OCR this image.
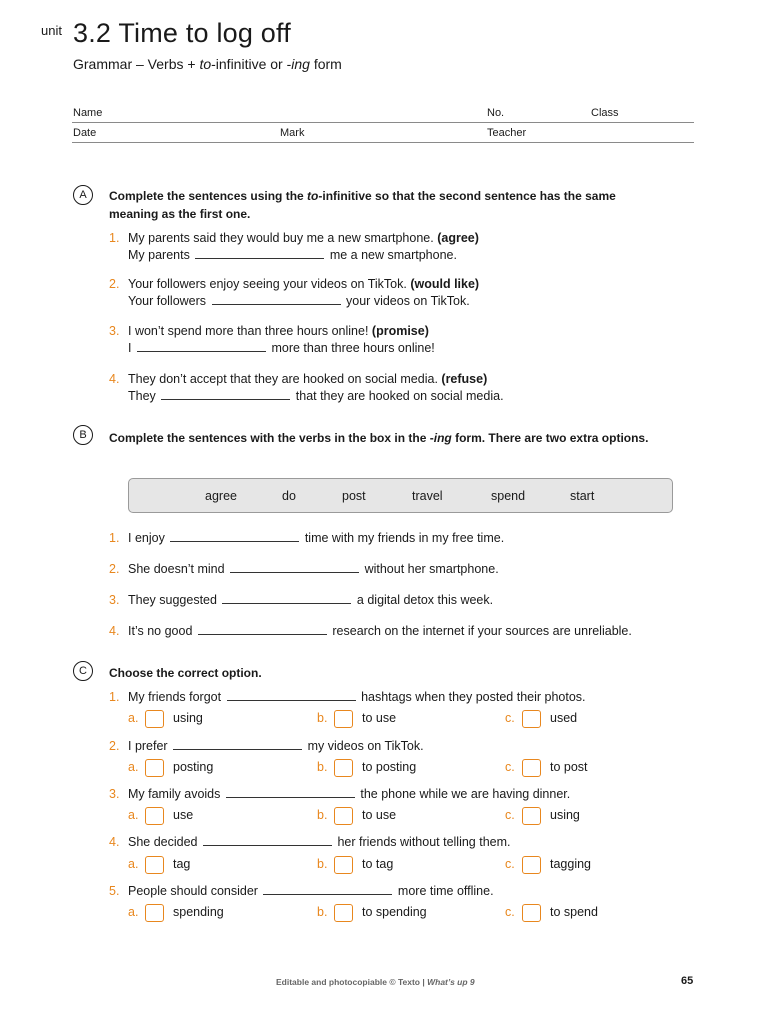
unit 3.2 Time to log off
Grammar – Verbs + to-infinitive or -ing form
Name	No.	Class
Date	Mark	Teacher
A	Complete the sentences using the to-infinitive so that the second sentence has the same meaning as the first one.
1. My parents said they would buy me a new smartphone. (agree)
My parents	me a new smartphone.
2. Your followers enjoy seeing your videos on TikTok. (would like)
Your followers	your videos on TikTok.
3. I won’t spend more than three hours online! (promise)
I	more than three hours online!
4. They don’t accept that they are hooked on social media. (refuse)
They	that they are hooked on social media.
B	Complete the sentences with the verbs in the box in the -ing form. There are two extra options.
agree	do	post	travel	spend	start
1. I enjoy	time with my friends in my free time.
2. She doesn’t mind	without her smartphone.
3. They suggested	a digital detox this week.
4. It’s no good	research on the internet if your sources are unreliable.
C	Choose the correct option.
1. My friends forgot	hashtags when they posted their photos.
a.	using	b.	to use	c.	used
2. I prefer	my videos on TikTok.
a.	posting	b.	to posting	c.	to post
3. My family avoids	the phone while we are having dinner.
a.	use	b.	to use	c.	using
4. She decided	her friends without telling them.
a.	tag	b.	to tag	c.	tagging
5. People should consider	more time offline.
a.	spending	b.	to spending	c.	to spend
Editable and photocopiable © Texto | What’s up 9	65
